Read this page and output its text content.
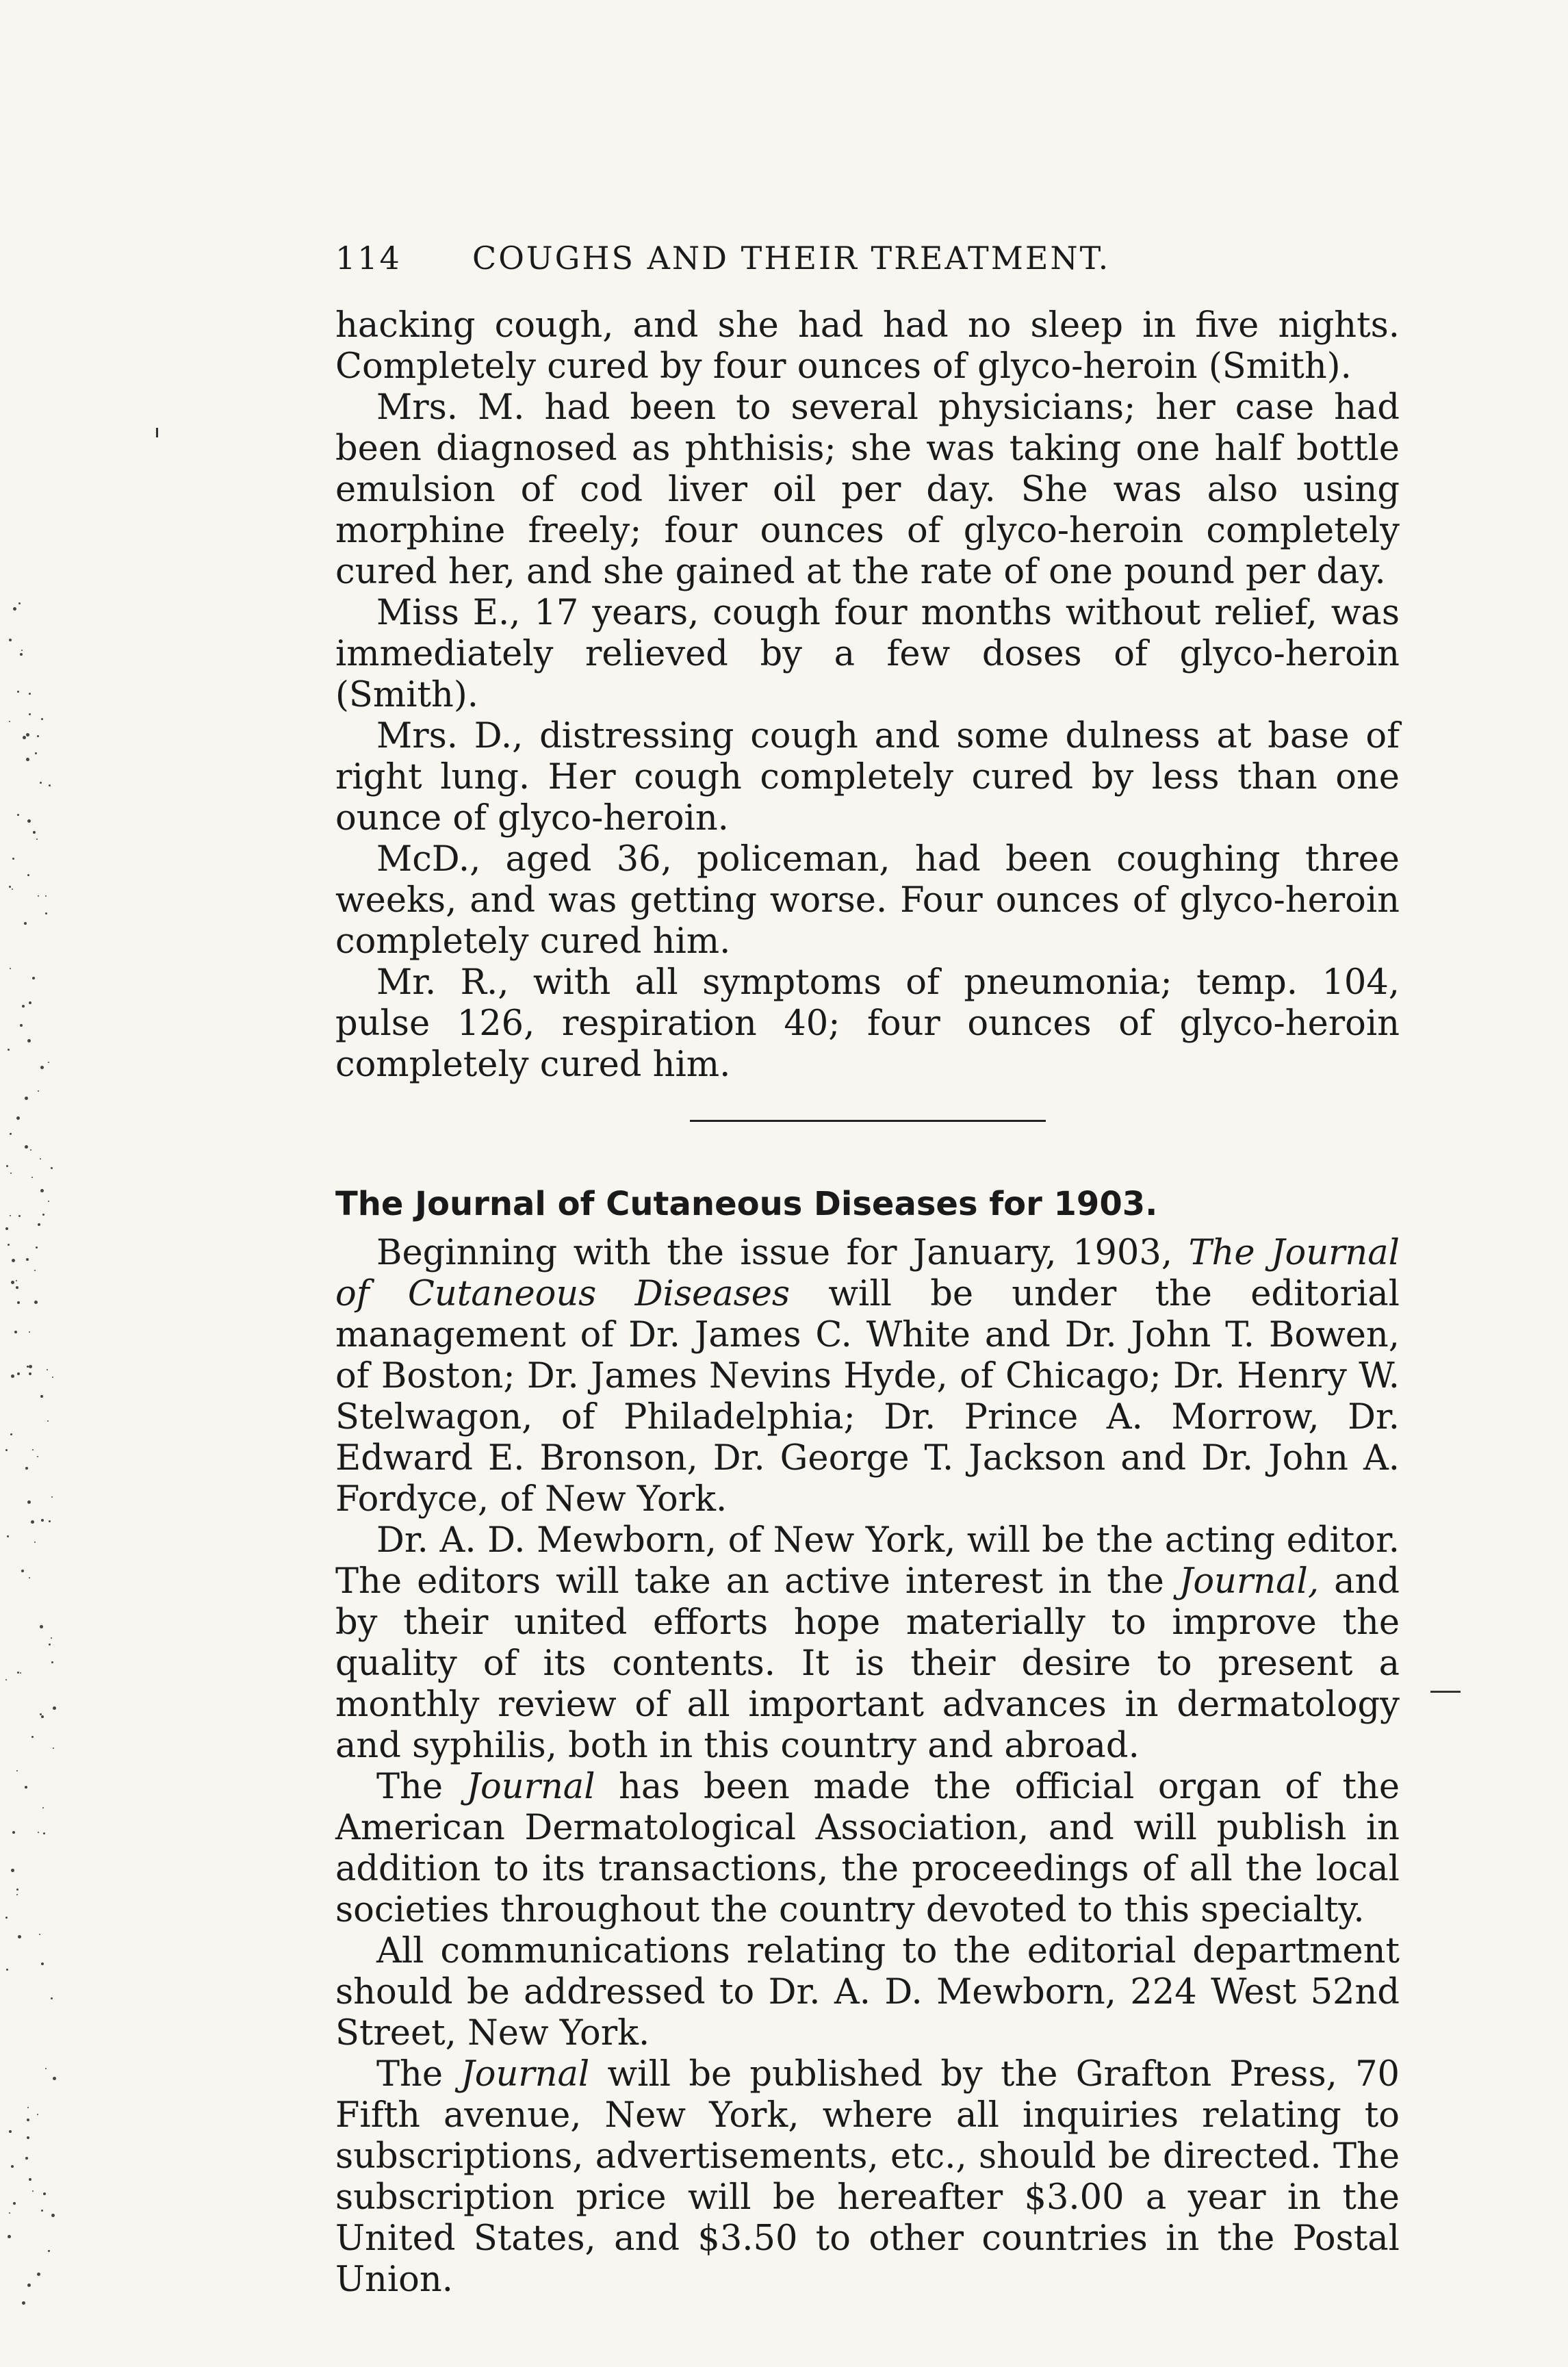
114 COUGHS AND THEIR TREATMENT.

hacking cough, and she had had no sleep in five nights. Completely cured by four ounces of glyco-heroin (Smith).

Mrs. M. had been to several physicians; her case had been diagnosed as phthisis; she was taking one half bottle emulsion of cod liver oil per day. She was also using morphine freely; four ounces of glyco-heroin completely cured her, and she gained at the rate of one pound per day.

Miss E., 17 years, cough four months without relief, was immediately relieved by a few doses of glyco-heroin (Smith).

Mrs. D., distressing cough and some dulness at base of right lung. Her cough completely cured by less than one ounce of glyco-heroin.

McD., aged 36, policeman, had been coughing three weeks, and was getting worse. Four ounces of glyco-heroin completely cured him.

Mr. R., with all symptoms of pneumonia; temp. 104, pulse 126, respiration 40; four ounces of glyco-heroin completely cured him.

The Journal of Cutaneous Diseases for 1903.

Beginning with the issue for January, 1903, The Journal of Cutaneous Diseases will be under the editorial management of Dr. James C. White and Dr. John T. Bowen, of Boston; Dr. James Nevins Hyde, of Chicago; Dr. Henry W. Stelwagon, of Philadelphia; Dr. Prince A. Morrow, Dr. Edward E. Bronson, Dr. George T. Jackson and Dr. John A. Fordyce, of New York.

Dr. A. D. Mewborn, of New York, will be the acting editor. The editors will take an active interest in the Journal, and by their united efforts hope materially to improve the quality of its contents. It is their desire to present a monthly review of all important advances in dermatology and syphilis, both in this country and abroad.

The Journal has been made the official organ of the American Dermatological Association, and will publish in addition to its transactions, the proceedings of all the local societies throughout the country devoted to this specialty.

All communications relating to the editorial department should be addressed to Dr. A. D. Mewborn, 224 West 52nd Street, New York.

The Journal will be published by the Grafton Press, 70 Fifth avenue, New York, where all inquiries relating to subscriptions, advertisements, etc., should be directed. The subscription price will be hereafter $3.00 a year in the United States, and $3.50 to other countries in the Postal Union.
